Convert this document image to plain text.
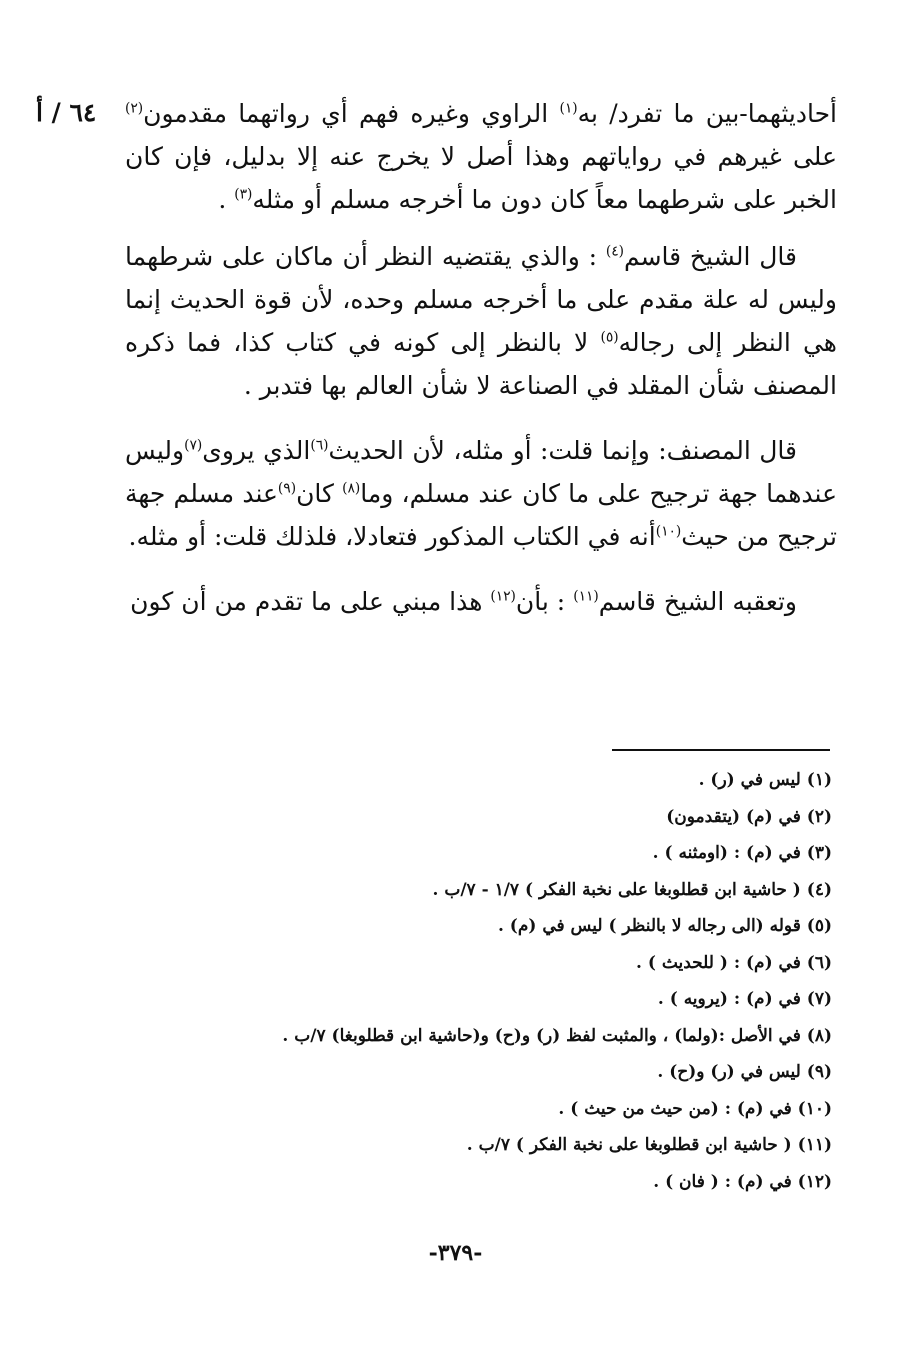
٦٤ / أ	أحاديثهما-بين ما تفرد/ به$^{(١)}$ الراوي وغيره فهم أي رواتهما مقدمون$^{(٢)}$ على غيرهم في رواياتهم وهذا أصل لا يخرج عنه إلا بدليل، فإن كان الخبر على شرطهما معاً كان دون ما أخرجه مسلم أو مثله$^{(٣)}$ .

قال الشيخ قاسم$^{(٤)}$ : والذي يقتضيه النظر أن ماكان على شرطهما وليس له علة مقدم على ما أخرجه مسلم وحده، لأن قوة الحديث إنما هي النظر إلى رجاله$^{(٥)}$ لا بالنظر إلى كونه في كتاب كذا، فما ذكره المصنف شأن المقلد في الصناعة لا شأن العالم بها فتدبر .

قال المصنف: وإنما قلت: أو مثله، لأن الحديث$^{(٦)}$الذي يروى$^{(٧)}$وليس عندهما جهة ترجيح على ما كان عند مسلم، وما$^{(٨)}$ كان$^{(٩)}$عند مسلم جهة ترجيح من حيث$^{(١٠)}$أنه في الكتاب المذكور فتعادلا، فلذلك قلت: أو مثله.

وتعقبه الشيخ قاسم$^{(١١)}$ : بأن$^{(١٢)}$ هذا مبني على ما تقدم من أن كون

(١) ليس في (ر) .
(٢) في (م) (يتقدمون)
(٣) في (م) : (اومثنه ) .
(٤) ( حاشية ابن قطلوبغا على نخبة الفكر ) ١/٧ - ٧/ب .
(٥) قوله (الى رجاله لا بالنظر ) ليس في (م) .
(٦) في (م) : ( للحديث ) .
(٧) في (م) : (يرويه ) .
(٨) في الأصل :(ولما) ، والمثبت لفظ (ر) و(ح) و(حاشية ابن قطلوبغا) ٧/ب .
(٩) ليس في (ر) و(ح) .
(١٠) في (م) : (من حيث من حيث ) .
(١١) ( حاشية ابن قطلوبغا على نخبة الفكر ) ٧/ب .
(١٢) في (م) : ( فان ) .
-٣٧٩-
